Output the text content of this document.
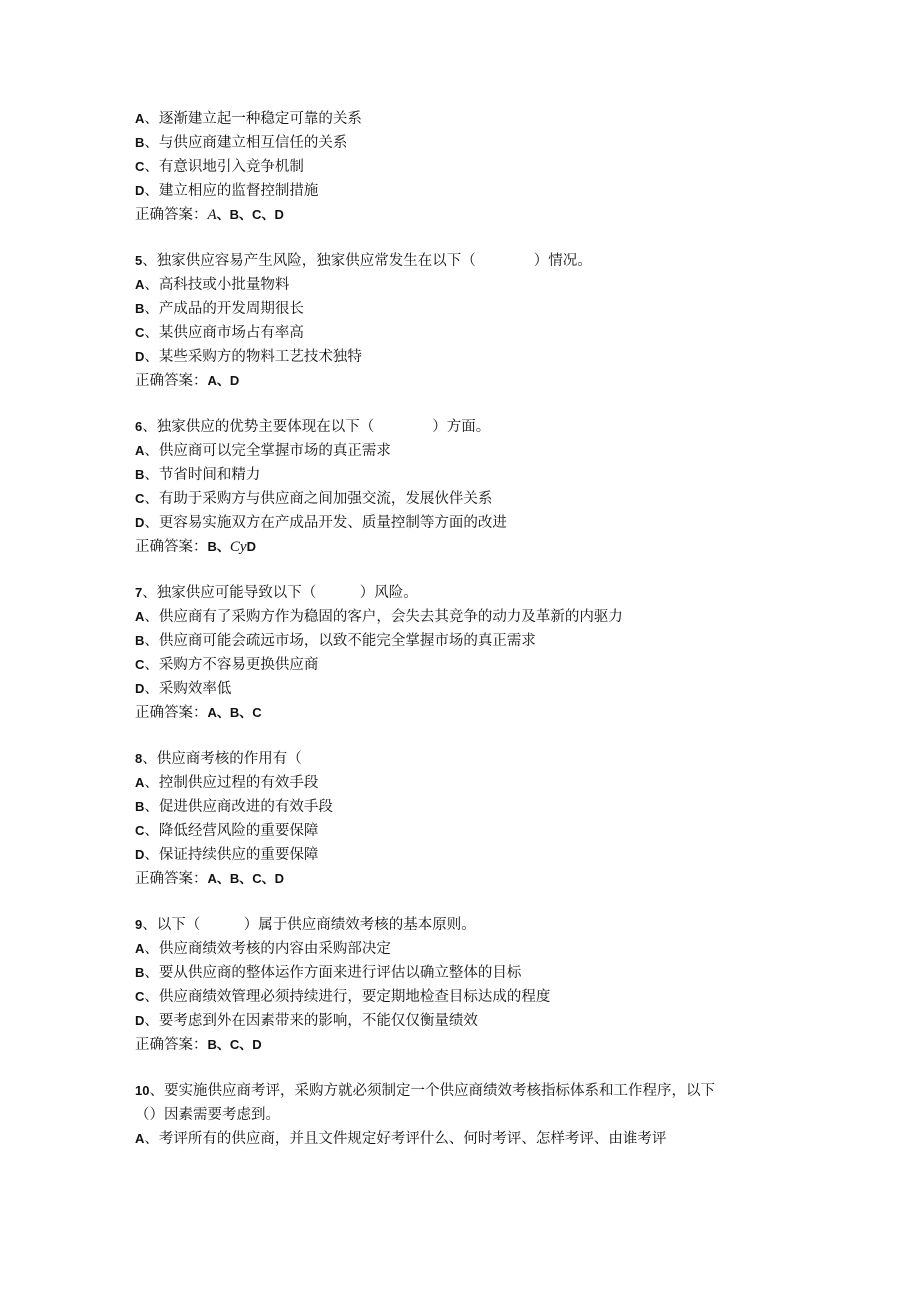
A、逐渐建立起一种稳定可靠的关系
B、与供应商建立相互信任的关系
C、有意识地引入竞争机制
D、建立相应的监督控制措施
正确答案：A、B、C、D
5、独家供应容易产生风险，独家供应常发生在以下（　　　　）情况。
A、高科技或小批量物料
B、产成品的开发周期很长
C、某供应商市场占有率高
D、某些采购方的物料工艺技术独特
正确答案：A、D
6、独家供应的优势主要体现在以下（　　　　）方面。
A、供应商可以完全掌握市场的真正需求
B、节省时间和精力
C、有助于采购方与供应商之间加强交流，发展伙伴关系
D、更容易实施双方在产成品开发、质量控制等方面的改进
正确答案：B、CyD
7、独家供应可能导致以下（　　　）风险。
A、供应商有了采购方作为稳固的客户，会失去其竞争的动力及革新的内驱力
B、供应商可能会疏远市场，以致不能完全掌握市场的真正需求
C、采购方不容易更换供应商
D、采购效率低
正确答案：A、B、C
8、供应商考核的作用有（
A、控制供应过程的有效手段
B、促进供应商改进的有效手段
C、降低经营风险的重要保障
D、保证持续供应的重要保障
正确答案：A、B、C、D
9、以下（　　　）属于供应商绩效考核的基本原则。
A、供应商绩效考核的内容由采购部决定
B、要从供应商的整体运作方面来进行评估以确立整体的目标
C、供应商绩效管理必须持续进行，要定期地检查目标达成的程度
D、要考虑到外在因素带来的影响，不能仅仅衡量绩效
正确答案：B、C、D
10、要实施供应商考评，采购方就必须制定一个供应商绩效考核指标体系和工作程序，以下
（）因素需要考虑到。
A、考评所有的供应商，并且文件规定好考评什么、何时考评、怎样考评、由谁考评
